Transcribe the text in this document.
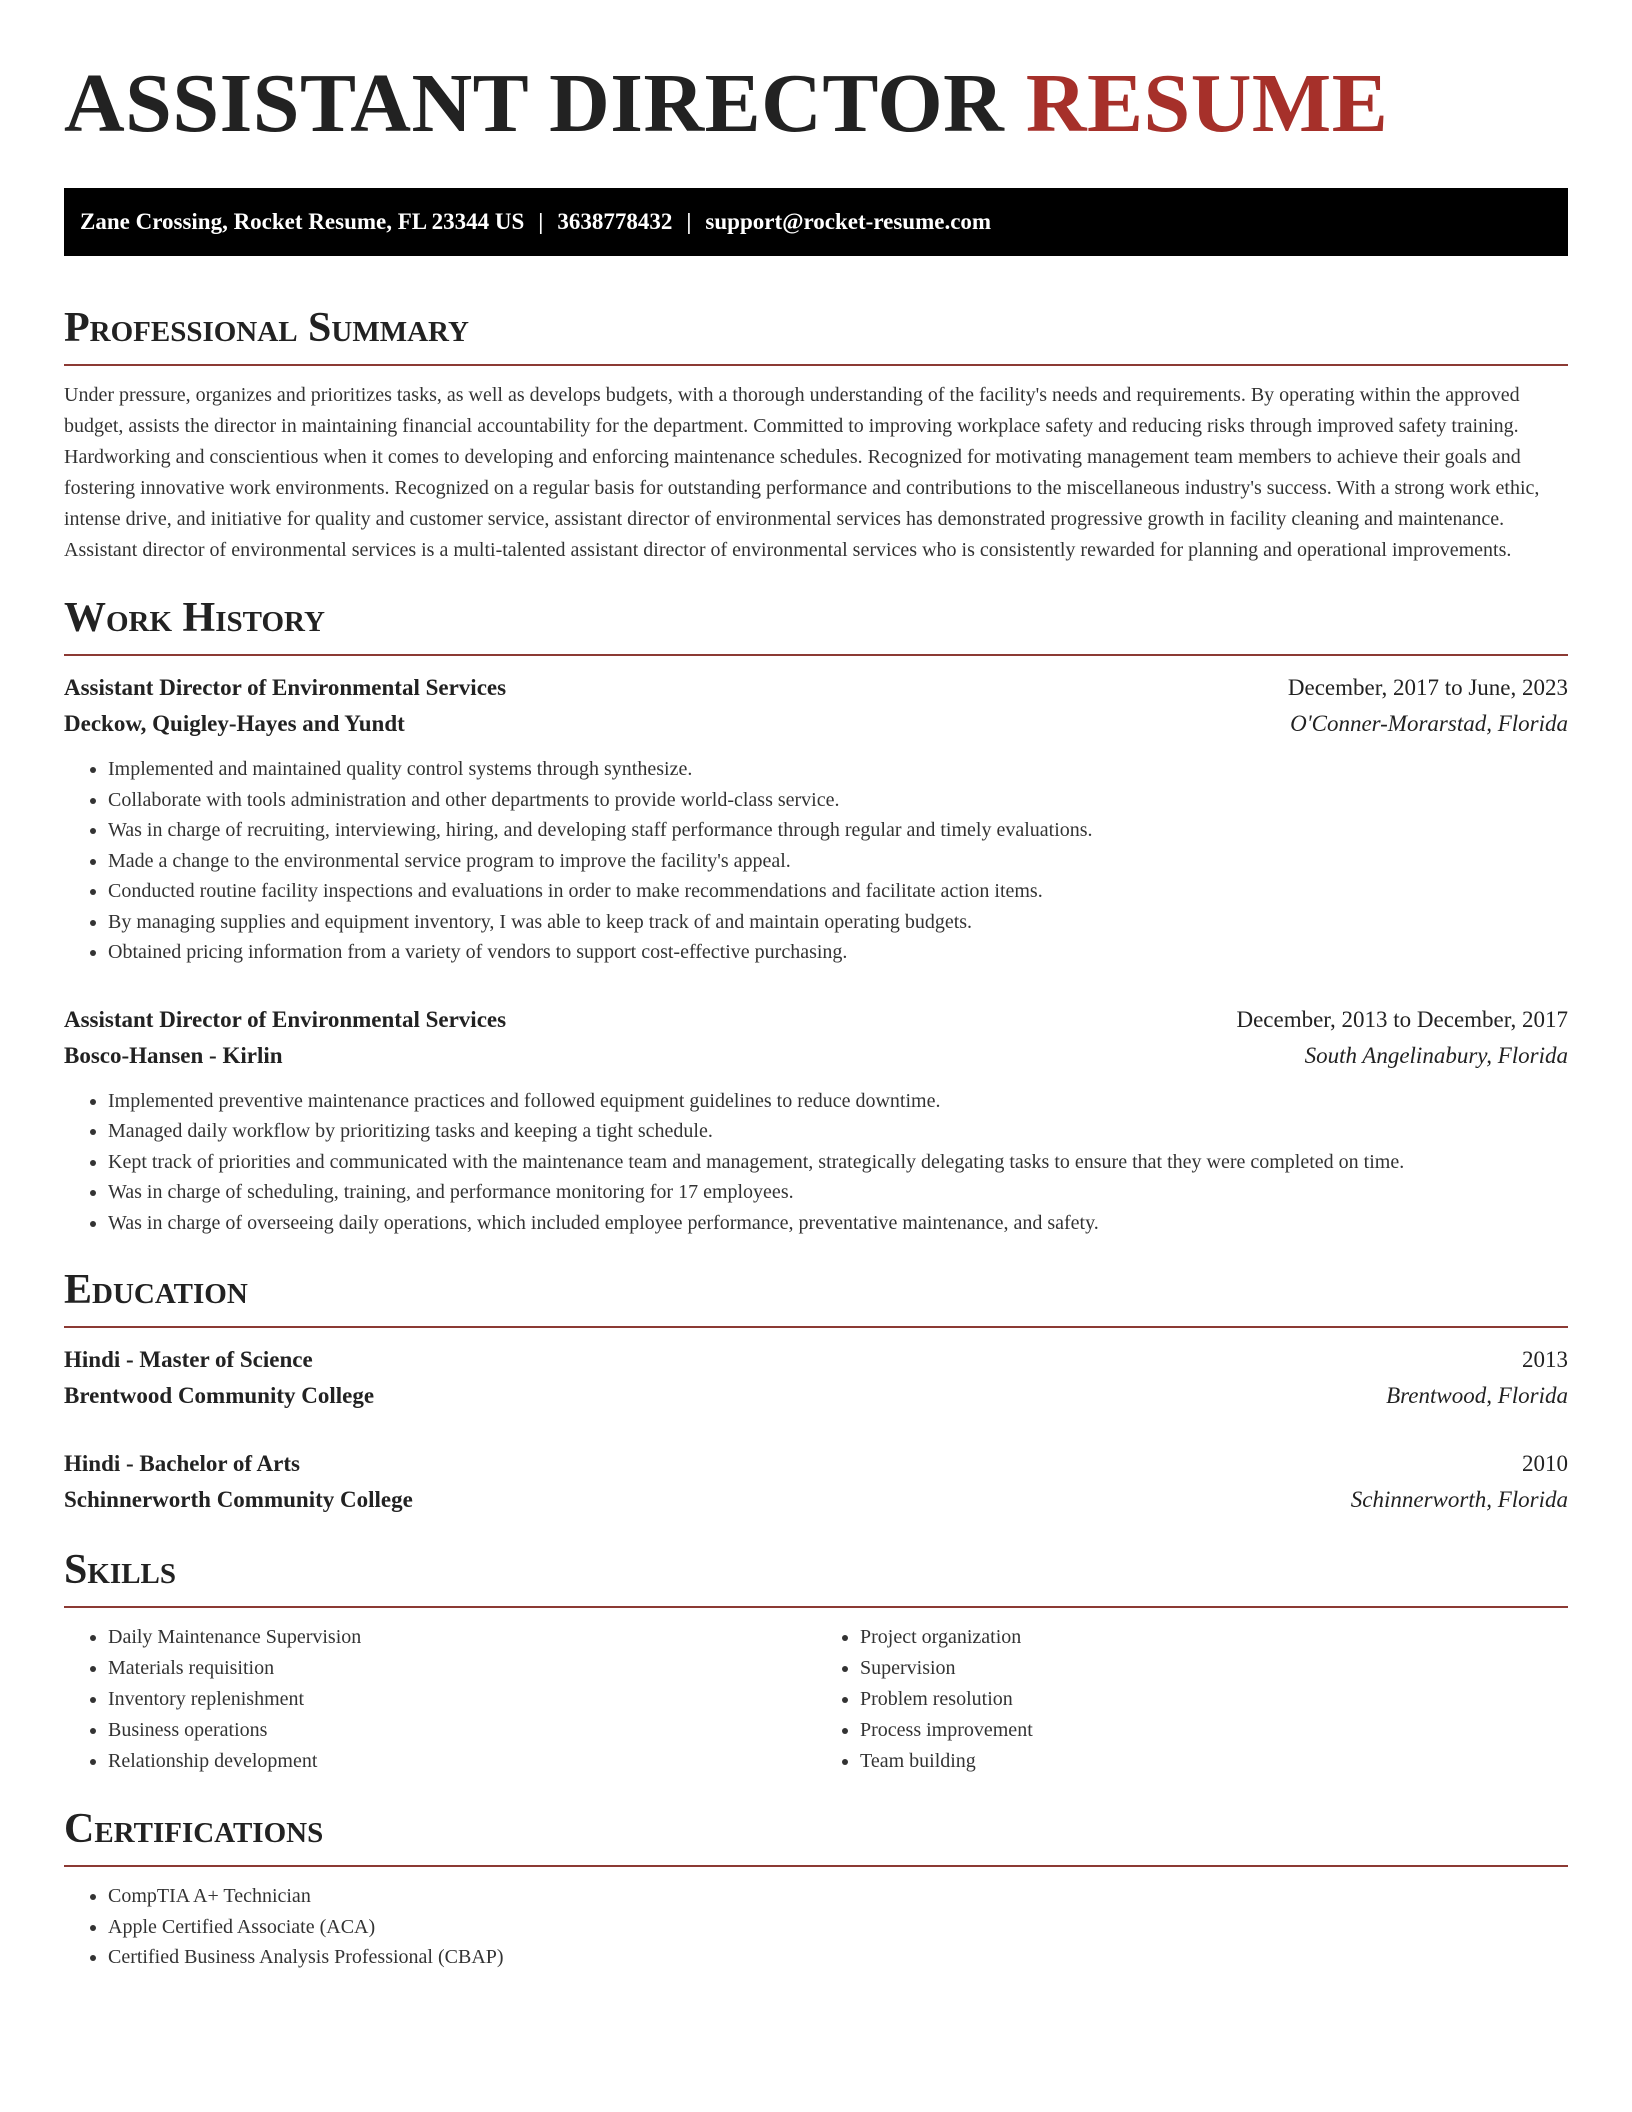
ASSISTANT DIRECTOR RESUME
Zane Crossing, Rocket Resume, FL 23344 US | 3638778432 | support@rocket-resume.com
Professional Summary

Under pressure, organizes and prioritizes tasks, as well as develops budgets, with a thorough understanding of the facility's needs and requirements. By operating within the approved budget, assists the director in maintaining financial accountability for the department. Committed to improving workplace safety and reducing risks through improved safety training. Hardworking and conscientious when it comes to developing and enforcing maintenance schedules. Recognized for motivating management team members to achieve their goals and fostering innovative work environments. Recognized on a regular basis for outstanding performance and contributions to the miscellaneous industry's success. With a strong work ethic, intense drive, and initiative for quality and customer service, assistant director of environmental services has demonstrated progressive growth in facility cleaning and maintenance. Assistant director of environmental services is a multi-talented assistant director of environmental services who is consistently rewarded for planning and operational improvements.

Work History
Assistant Director of Environmental Services	December, 2017 to June, 2023
Deckow, Quigley-Hayes and Yundt	O'Conner-Morarstad, Florida
• Implemented and maintained quality control systems through synthesize.
• Collaborate with tools administration and other departments to provide world-class service.
• Was in charge of recruiting, interviewing, hiring, and developing staff performance through regular and timely evaluations.
• Made a change to the environmental service program to improve the facility's appeal.
• Conducted routine facility inspections and evaluations in order to make recommendations and facilitate action items.
• By managing supplies and equipment inventory, I was able to keep track of and maintain operating budgets.
• Obtained pricing information from a variety of vendors to support cost-effective purchasing.
Assistant Director of Environmental Services	December, 2013 to December, 2017
Bosco-Hansen - Kirlin	South Angelinabury, Florida
• Implemented preventive maintenance practices and followed equipment guidelines to reduce downtime.
• Managed daily workflow by prioritizing tasks and keeping a tight schedule.
• Kept track of priorities and communicated with the maintenance team and management, strategically delegating tasks to ensure that they were completed on time.
• Was in charge of scheduling, training, and performance monitoring for 17 employees.
• Was in charge of overseeing daily operations, which included employee performance, preventative maintenance, and safety.
Education
Hindi - Master of Science	2013
Brentwood Community College	Brentwood, Florida
Hindi - Bachelor of Arts	2010
Schinnerworth Community College	Schinnerworth, Florida
Skills
• Daily Maintenance Supervision
• Materials requisition
• Inventory replenishment
• Business operations
• Relationship development
• Project organization
• Supervision
• Problem resolution
• Process improvement
• Team building
Certifications
• CompTIA A+ Technician
• Apple Certified Associate (ACA)
• Certified Business Analysis Professional (CBAP)
